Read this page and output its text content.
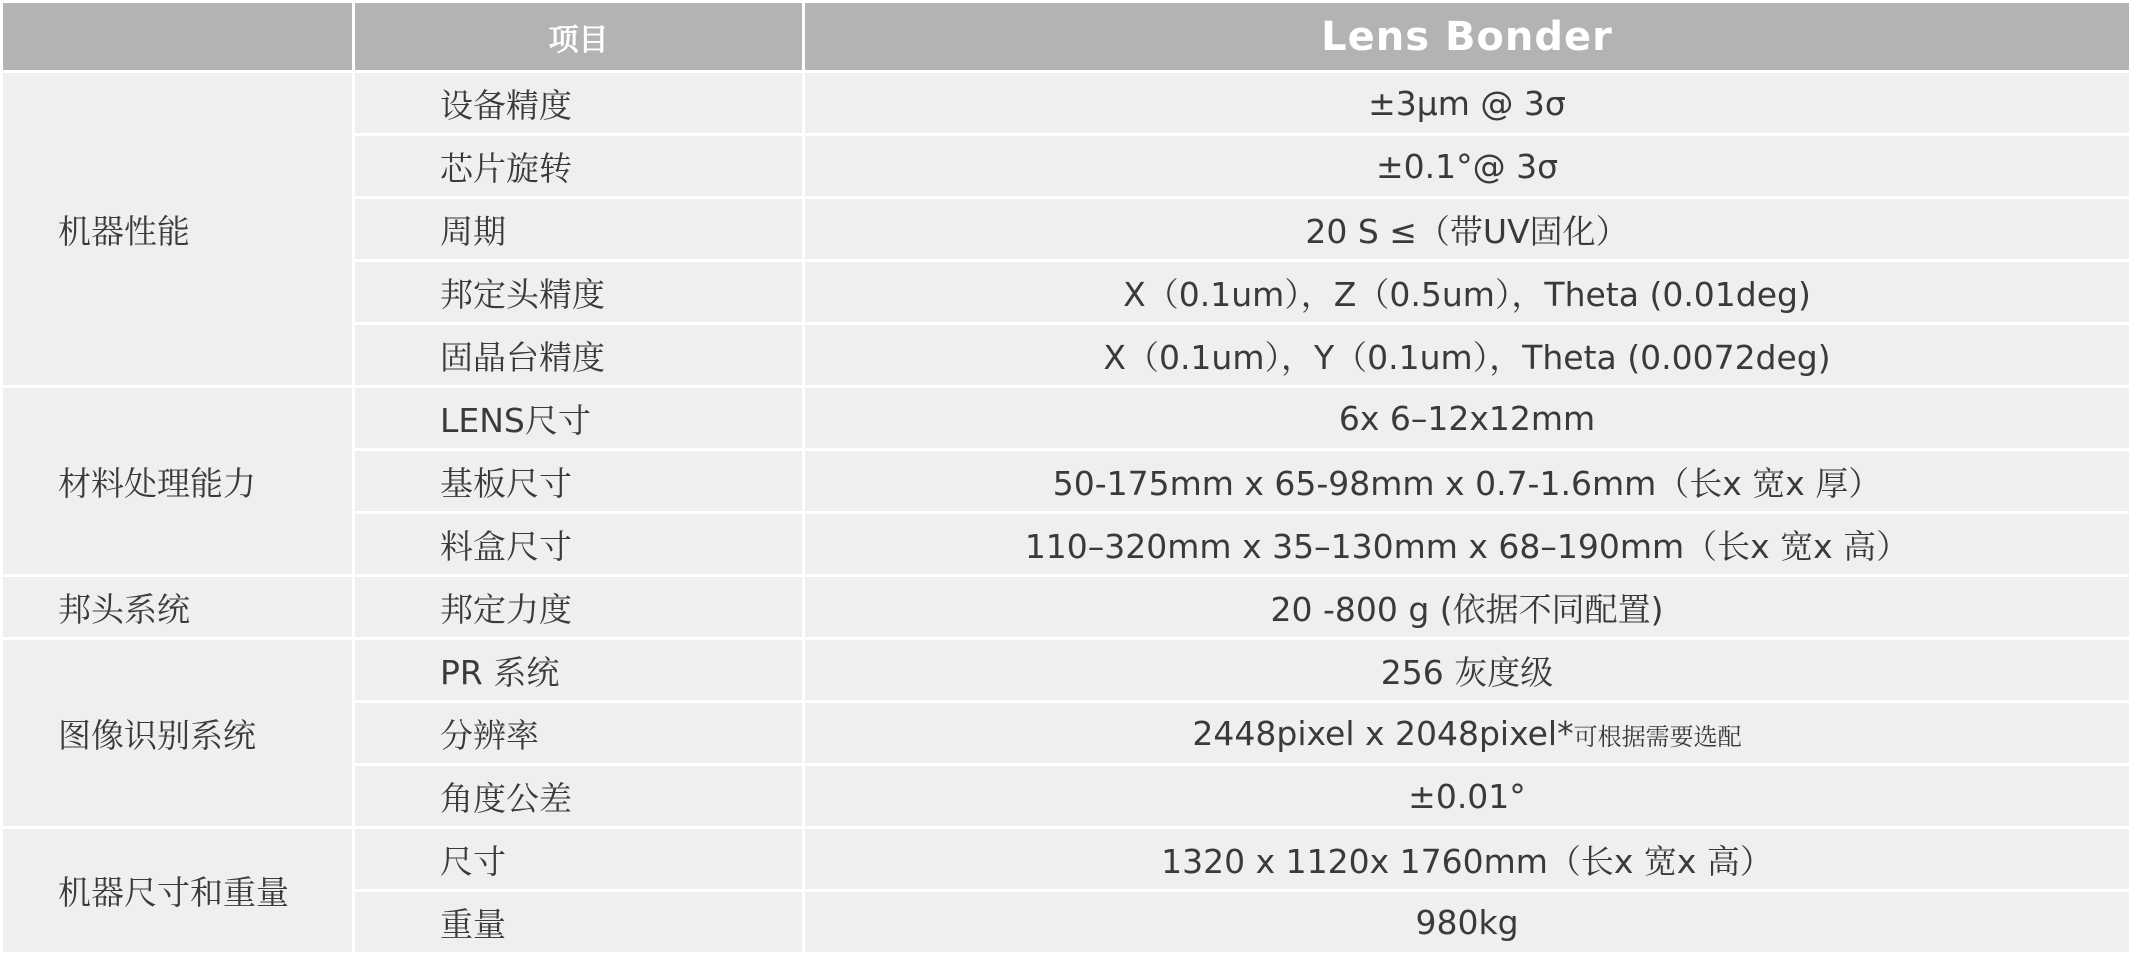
	项目	Lens Bonder
机器性能	设备精度	±3μm @ 3σ
	芯片旋转	±0.1°@ 3σ
	周期	20 S ≤（带UV固化）
	邦定头精度	X（0.1um），Z（0.5um），Theta (0.01deg)
	固晶台精度	X（0.1um），Y（0.1um），Theta (0.0072deg)
材料处理能力	LENS尺寸	6x 6–12x12mm
	基板尺寸	50-175mm x 65-98mm x 0.7-1.6mm（长x 宽x 厚）
	料盒尺寸	110–320mm x 35–130mm x 68–190mm（长x 宽x 高）
邦头系统	邦定力度	20 -800 g (依据不同配置)
图像识别系统	PR 系统	256 灰度级
	分辨率	2448pixel x 2048pixel*可根据需要选配
	角度公差	±0.01°
机器尺寸和重量	尺寸	1320 x 1120x 1760mm（长x 宽x 高）
	重量	980kg
